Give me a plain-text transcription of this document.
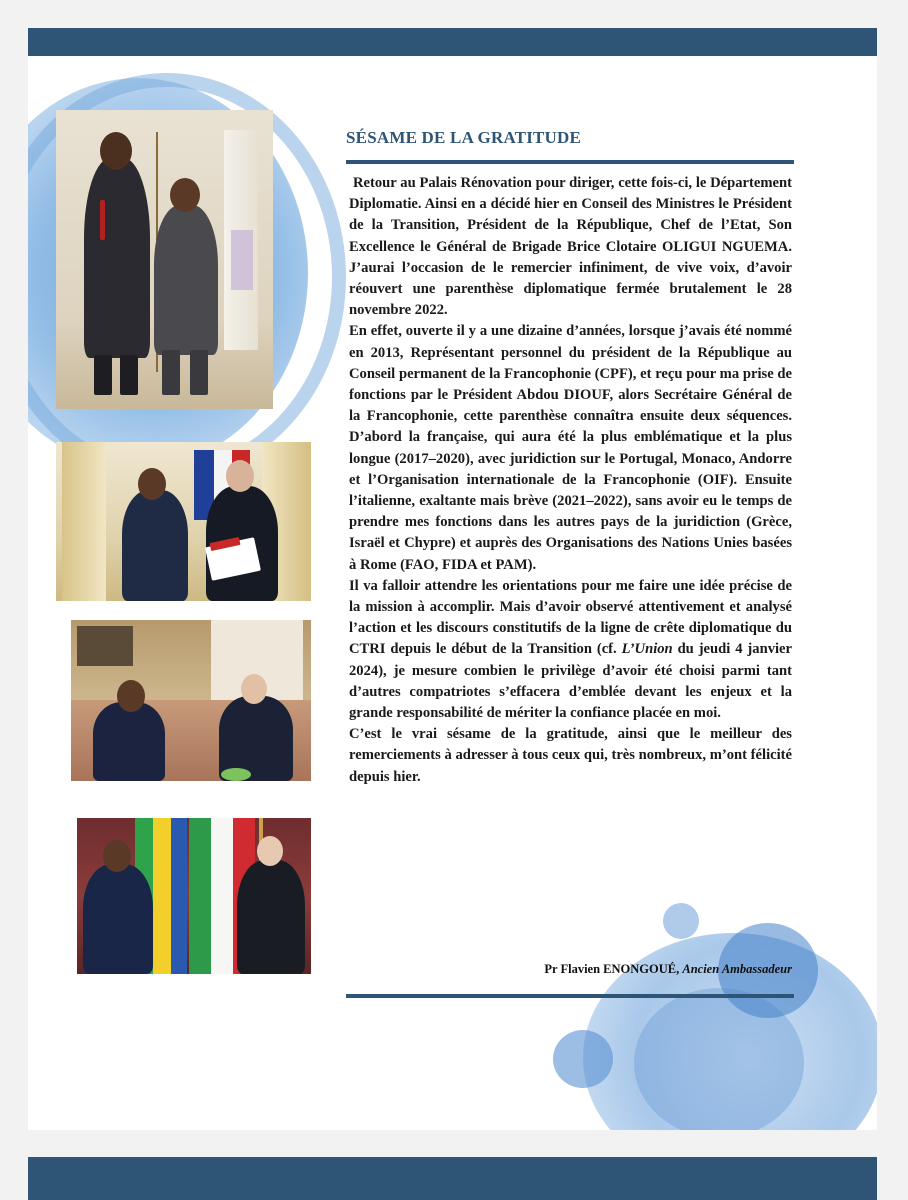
SÉSAME DE LA GRATITUDE

Retour au Palais Rénovation pour diriger, cette fois-ci, le Département Diplomatie. Ainsi en a décidé hier en Conseil des Ministres le Président de la Transition, Président de la République, Chef de l’Etat, Son Excellence le Général de Brigade Brice Clotaire OLIGUI NGUEMA. J’aurai l’occasion de le remercier infiniment, de vive voix, d’avoir réouvert une parenthèse diplomatique fermée brutalement le 28 novembre 2022.

En effet, ouverte il y a une dizaine d’années, lorsque j’avais été nommé en 2013, Représentant personnel du président de la République au Conseil permanent de la Francophonie (CPF), et reçu pour ma prise de fonctions par le Président Abdou DIOUF, alors Secrétaire Général de la Francophonie, cette parenthèse connaîtra ensuite deux séquences. D’abord la française, qui aura été la plus emblématique et la plus longue (2017–2020), avec juridiction sur le Portugal, Monaco, Andorre et l’Organisation internationale de la Francophonie (OIF). Ensuite l’italienne, exaltante mais brève (2021–2022), sans avoir eu le temps de prendre mes fonctions dans les autres pays de la juridiction (Grèce, Israël et Chypre) et auprès des Organisations des Nations Unies basées à Rome (FAO, FIDA et PAM).

Il va falloir attendre les orientations pour me faire une idée précise de la mission à accomplir. Mais d’avoir observé attentivement et analysé l’action et les discours constitutifs de la ligne de crête diplomatique du CTRI depuis le début de la Transition (cf. L’Union du jeudi 4 janvier 2024), je mesure combien le privilège d’avoir été choisi parmi tant d’autres compatriotes s’effacera d’emblée devant les enjeux et la grande responsabilité de mériter la confiance placée en moi.

C’est le vrai sésame de la gratitude, ainsi que le meilleur des remerciements à adresser à tous ceux qui, très nombreux, m’ont félicité depuis hier.

Pr Flavien ENONGOUÉ, Ancien Ambassadeur
